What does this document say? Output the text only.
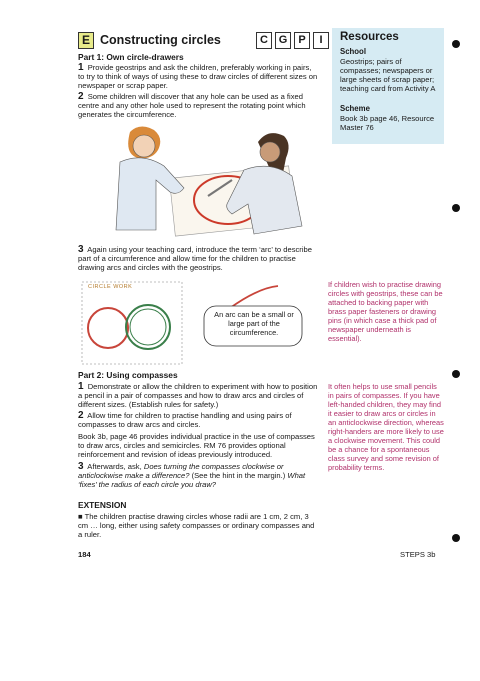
E Constructing circles	C G	P	I
Part 1: Own circle-drawers

1 Provide geostrips and ask the children, preferably working in pairs, to try to think of ways of using these to draw circles of different sizes on newspaper or scrap paper.

2 Some children will discover that any hole can be used as a fixed centre and any other hole used to represent the rotating point which generates the circumference.

3 Again using your teaching card, introduce the term ‘arc’ to describe part of a circumference and allow time for the children to practise drawing arcs and circles with the geostrips.

CIRCLE WORK
An arc can be a small or large part of the circumference.
Part 2: Using compasses

1 Demonstrate or allow the children to experiment with how to position a pencil in a pair of compasses and how to draw arcs and circles of different sizes. (Establish rules for safety.)

2 Allow time for children to practise handling and using pairs of compasses to draw arcs and circles.

Book 3b, page 46 provides individual practice in the use of compasses to draw arcs, circles and semicircles. RM 76 provides optional reinforcement and revision of ideas previously introduced.

3 Afterwards, ask, Does turning the compasses clockwise or anticlockwise make a difference? (See the hint in the margin.) What ‘fixes’ the radius of each circle you draw?

EXTENSION

■ The children practise drawing circles whose radii are 1 cm, 2 cm, 3 cm … long, either using safety compasses or ordinary compasses and a ruler.

Resources
School
Geostrips; pairs of compasses; newspapers or large sheets of scrap paper; teaching card from Activity A
Scheme
Book 3b page 46, Resource Master 76
If children wish to practise drawing circles with geostrips, these can be attached to backing paper with brass paper fasteners or drawing pins (in which case a thick pad of newspaper underneath is essential).
It often helps to use small pencils in pairs of compasses. If you have left-handed children, they may find it easier to draw arcs or circles in an anticlockwise direction, whereas right-handers are more likely to use a clockwise movement. This could be a chance for a spontaneous class survey and some revision of probability terms.
184	STEPS 3b
